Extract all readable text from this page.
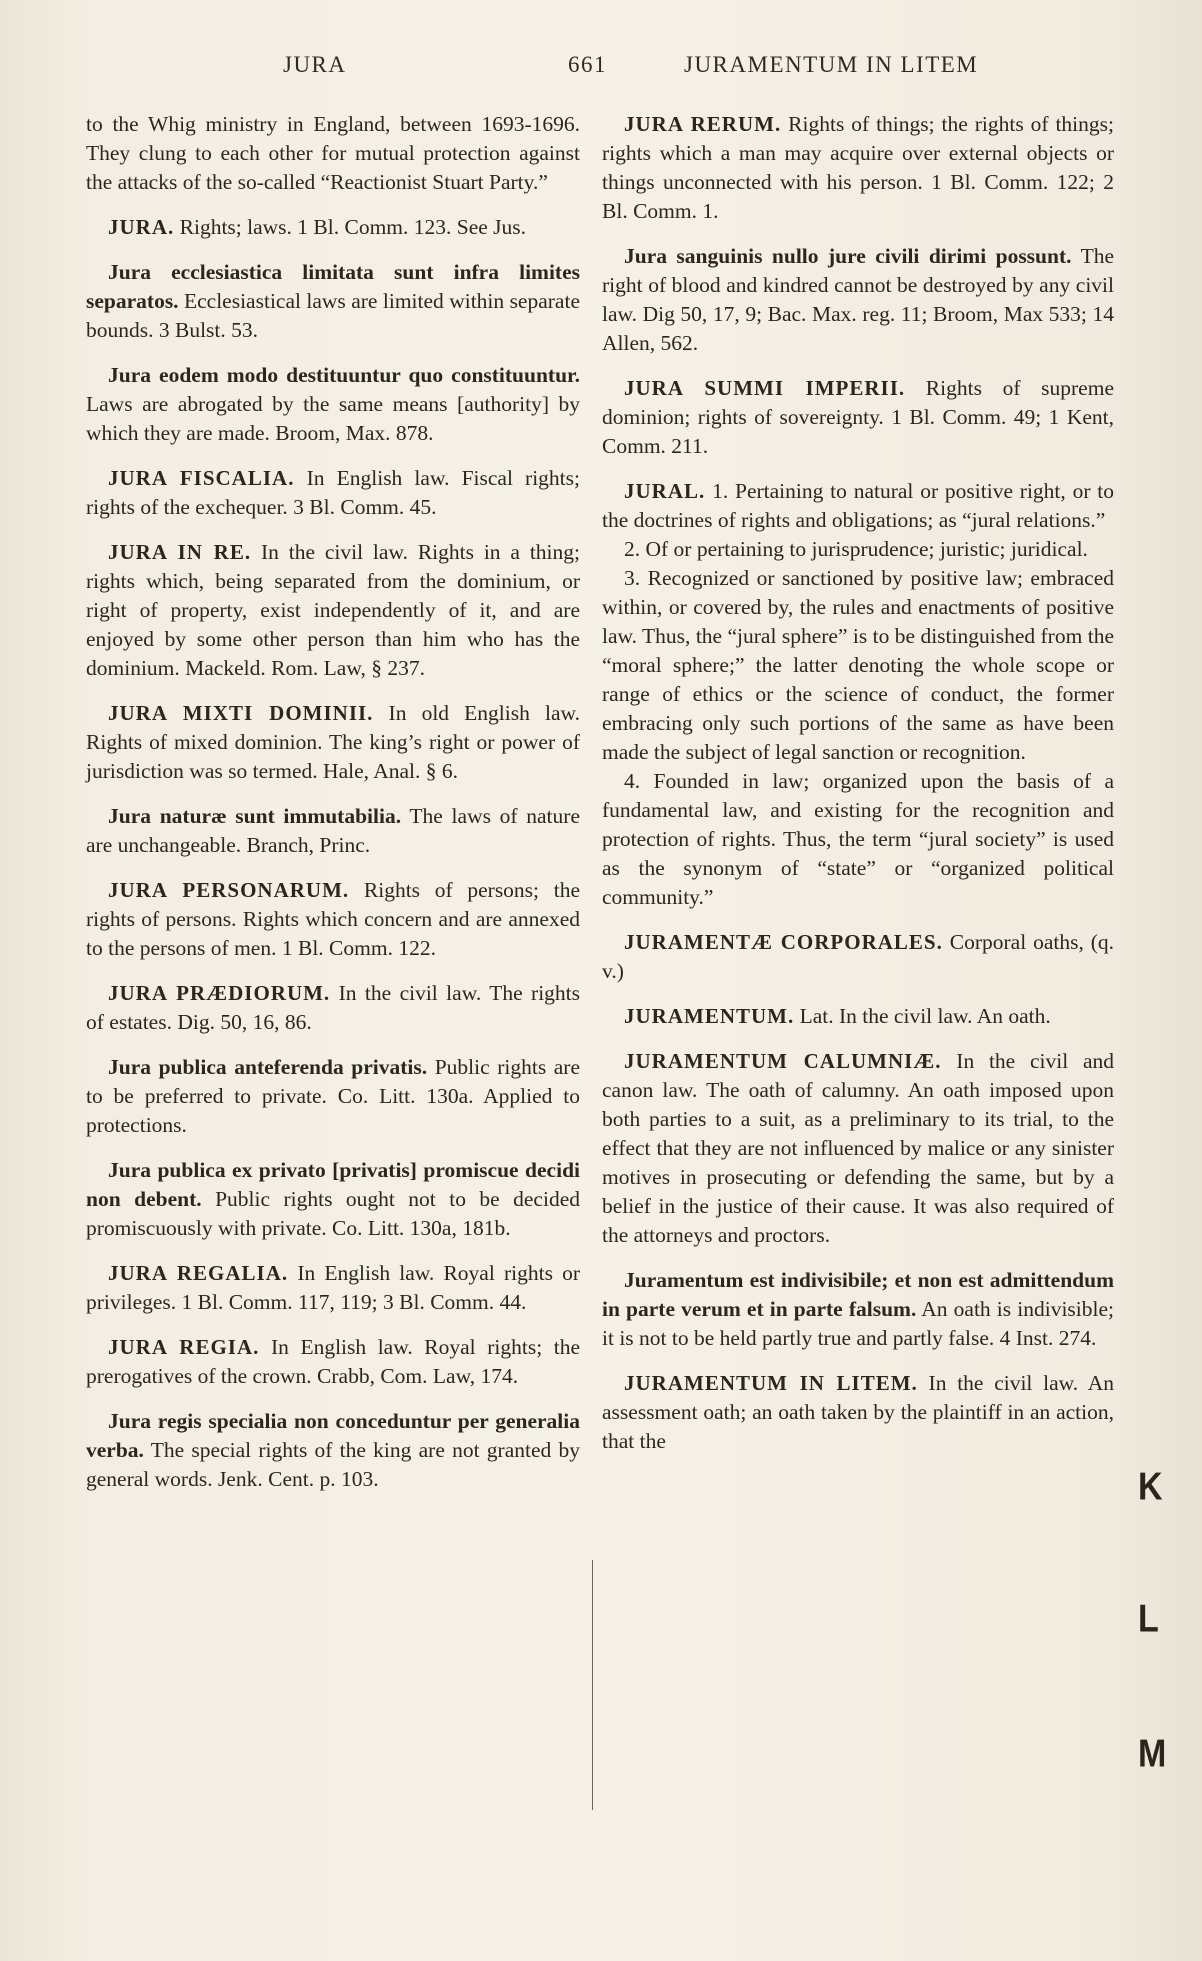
JURA	661	JURAMENTUM IN LITEM

to the Whig ministry in England, between 1693-1696. They clung to each other for mutual protection against the attacks of the so-called “Reactionist Stuart Party.”

JURA. Rights; laws. 1 Bl. Comm. 123. See Jus.

Jura ecclesiastica limitata sunt infra limites separatos. Ecclesiastical laws are limited within separate bounds. 3 Bulst. 53.

Jura eodem modo destituuntur quo constituuntur. Laws are abrogated by the same means [authority] by which they are made. Broom, Max. 878.

JURA FISCALIA. In English law. Fiscal rights; rights of the exchequer. 3 Bl. Comm. 45.

JURA IN RE. In the civil law. Rights in a thing; rights which, being separated from the dominium, or right of property, exist independently of it, and are enjoyed by some other person than him who has the dominium. Mackeld. Rom. Law, § 237.

JURA MIXTI DOMINII. In old English law. Rights of mixed dominion. The king’s right or power of jurisdiction was so termed. Hale, Anal. § 6.

Jura naturæ sunt immutabilia. The laws of nature are unchangeable. Branch, Princ.

JURA PERSONARUM. Rights of persons; the rights of persons. Rights which concern and are annexed to the persons of men. 1 Bl. Comm. 122.

JURA PRÆDIORUM. In the civil law. The rights of estates. Dig. 50, 16, 86.

Jura publica anteferenda privatis. Public rights are to be preferred to private. Co. Litt. 130a. Applied to protections.

Jura publica ex privato [privatis] promiscue decidi non debent. Public rights ought not to be decided promiscuously with private. Co. Litt. 130a, 181b.

JURA REGALIA. In English law. Royal rights or privileges. 1 Bl. Comm. 117, 119; 3 Bl. Comm. 44.

JURA REGIA. In English law. Royal rights; the prerogatives of the crown. Crabb, Com. Law, 174.

Jura regis specialia non conceduntur per generalia verba. The special rights of the king are not granted by general words. Jenk. Cent. p. 103.

JURA RERUM. Rights of things; the rights of things; rights which a man may acquire over external objects or things unconnected with his person. 1 Bl. Comm. 122; 2 Bl. Comm. 1.

Jura sanguinis nullo jure civili dirimi possunt. The right of blood and kindred cannot be destroyed by any civil law. Dig 50, 17, 9; Bac. Max. reg. 11; Broom, Max 533; 14 Allen, 562.

JURA SUMMI IMPERII. Rights of supreme dominion; rights of sovereignty. 1 Bl. Comm. 49; 1 Kent, Comm. 211.

JURAL. 1. Pertaining to natural or positive right, or to the doctrines of rights and obligations; as “jural relations.”

2. Of or pertaining to jurisprudence; juristic; juridical.

3. Recognized or sanctioned by positive law; embraced within, or covered by, the rules and enactments of positive law. Thus, the “jural sphere” is to be distinguished from the “moral sphere;” the latter denoting the whole scope or range of ethics or the science of conduct, the former embracing only such portions of the same as have been made the subject of legal sanction or recognition.

4. Founded in law; organized upon the basis of a fundamental law, and existing for the recognition and protection of rights. Thus, the term “jural society” is used as the synonym of “state” or “organized political community.”

JURAMENTÆ CORPORALES. Corporal oaths, (q. v.)

JURAMENTUM. Lat. In the civil law. An oath.

JURAMENTUM CALUMNIÆ. In the civil and canon law. The oath of calumny. An oath imposed upon both parties to a suit, as a preliminary to its trial, to the effect that they are not influenced by malice or any sinister motives in prosecuting or defending the same, but by a belief in the justice of their cause. It was also required of the attorneys and proctors.

Juramentum est indivisibile; et non est admittendum in parte verum et in parte falsum. An oath is indivisible; it is not to be held partly true and partly false. 4 Inst. 274.

JURAMENTUM IN LITEM. In the civil law. An assessment oath; an oath taken by the plaintiff in an action, that the

K
L
M
